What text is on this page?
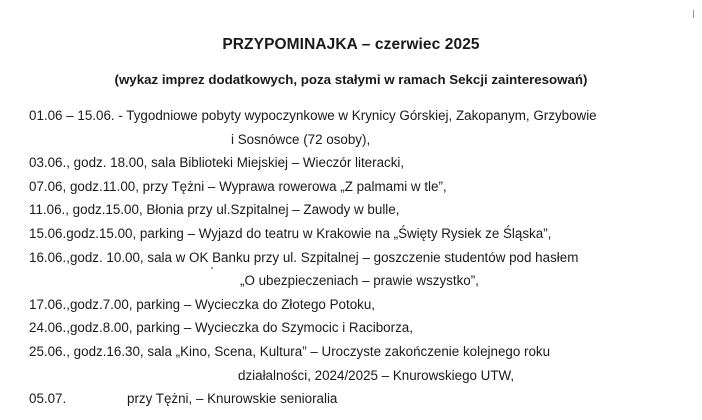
PRZYPOMINAJKA – czerwiec 2025
(wykaz imprez dodatkowych, poza stałymi w ramach Sekcji zainteresowań)
01.06 – 15.06. - Tygodniowe pobyty wypoczynkowe w Krynicy Górskiej, Zakopanym, Grzybowie
i Sosnówce (72 osoby),
03.06., godz. 18.00, sala Biblioteki Miejskiej – Wieczór literacki,
07.06, godz.11.00, przy Tężni – Wyprawa rowerowa „Z palmami w tle”,
11.06., godz.15.00, Błonia przy ul.Szpitalnej – Zawody w bulle,
15.06.godz.15.00, parking – Wyjazd do teatru w Krakowie na „Święty Rysiek ze Śląska”,
16.06.,godz. 10.00, sala w OK Banku przy ul. Szpitalnej – goszczenie studentów pod hasłem
„O ubezpieczeniach – prawie wszystko”,
17.06.,godz.7.00, parking – Wycieczka do Złotego Potoku,
24.06.,godz.8.00, parking – Wycieczka do Szymocic i Raciborza,
25.06., godz.16.30, sala „Kino, Scena, Kultura” – Uroczyste zakończenie kolejnego roku
działalności, 2024/2025 – Knurowskiego UTW,
05.07.	przy Tężni, – Knurowskie senioralia
